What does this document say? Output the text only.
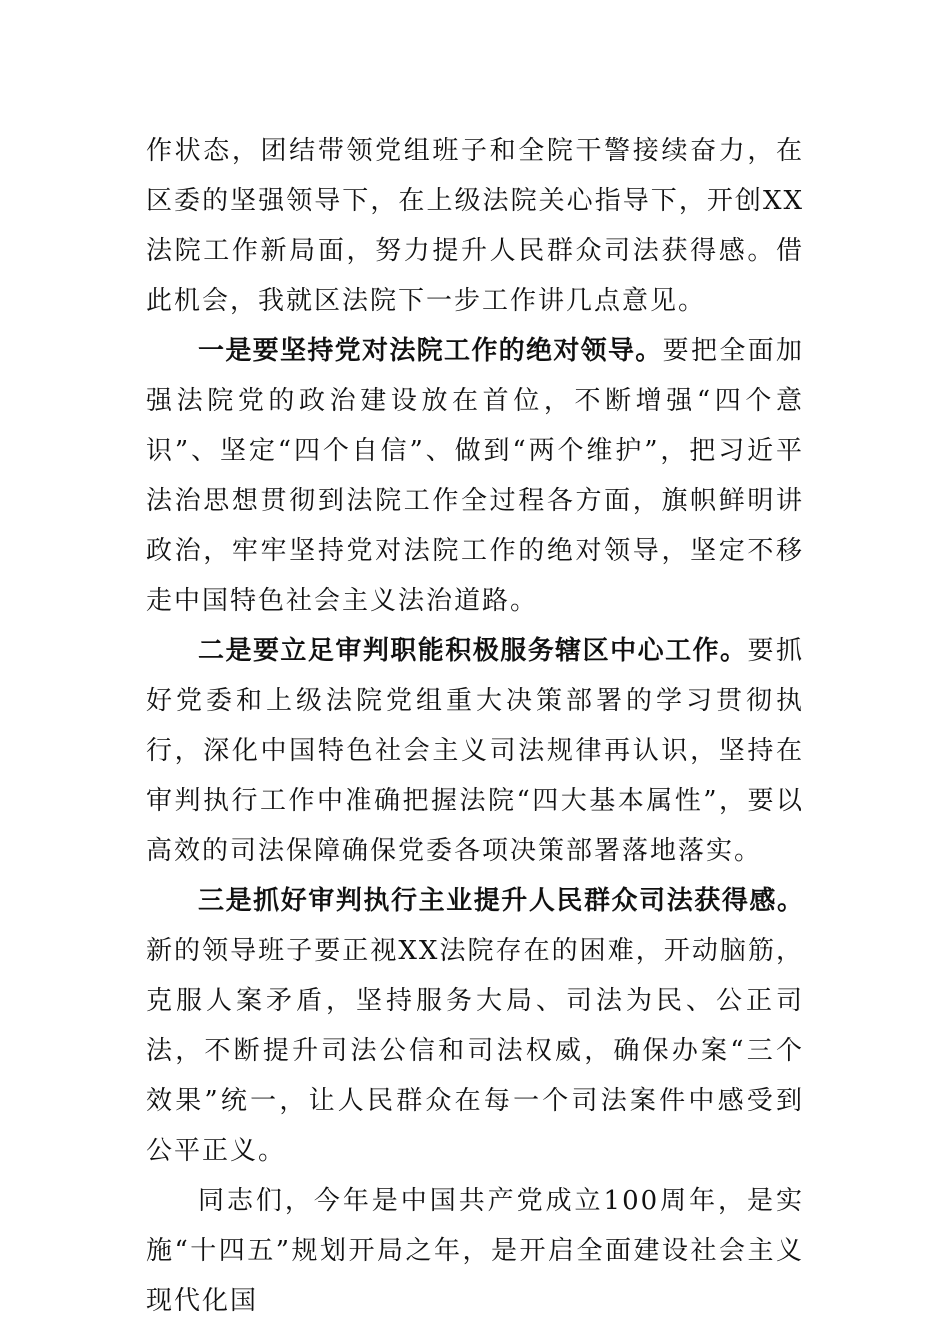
作状态，团结带领党组班子和全院干警接续奋力，在区委的坚强领导下，在上级法院关心指导下，开创XX法院工作新局面，努力提升人民群众司法获得感。借此机会，我就区法院下一步工作讲几点意见。

一是要坚持党对法院工作的绝对领导。要把全面加强法院党的政治建设放在首位，不断增强“四个意识”、坚定“四个自信”、做到“两个维护”，把习近平法治思想贯彻到法院工作全过程各方面，旗帜鲜明讲政治，牢牢坚持党对法院工作的绝对领导，坚定不移走中国特色社会主义法治道路。

二是要立足审判职能积极服务辖区中心工作。要抓好党委和上级法院党组重大决策部署的学习贯彻执行，深化中国特色社会主义司法规律再认识，坚持在审判执行工作中准确把握法院“四大基本属性”，要以高效的司法保障确保党委各项决策部署落地落实。

三是抓好审判执行主业提升人民群众司法获得感。新的领导班子要正视XX法院存在的困难，开动脑筋，克服人案矛盾，坚持服务大局、司法为民、公正司法，不断提升司法公信和司法权威，确保办案“三个效果”统一，让人民群众在每一个司法案件中感受到公平正义。

同志们，今年是中国共产党成立100周年，是实施“十四五”规划开局之年，是开启全面建设社会主义现代化国
